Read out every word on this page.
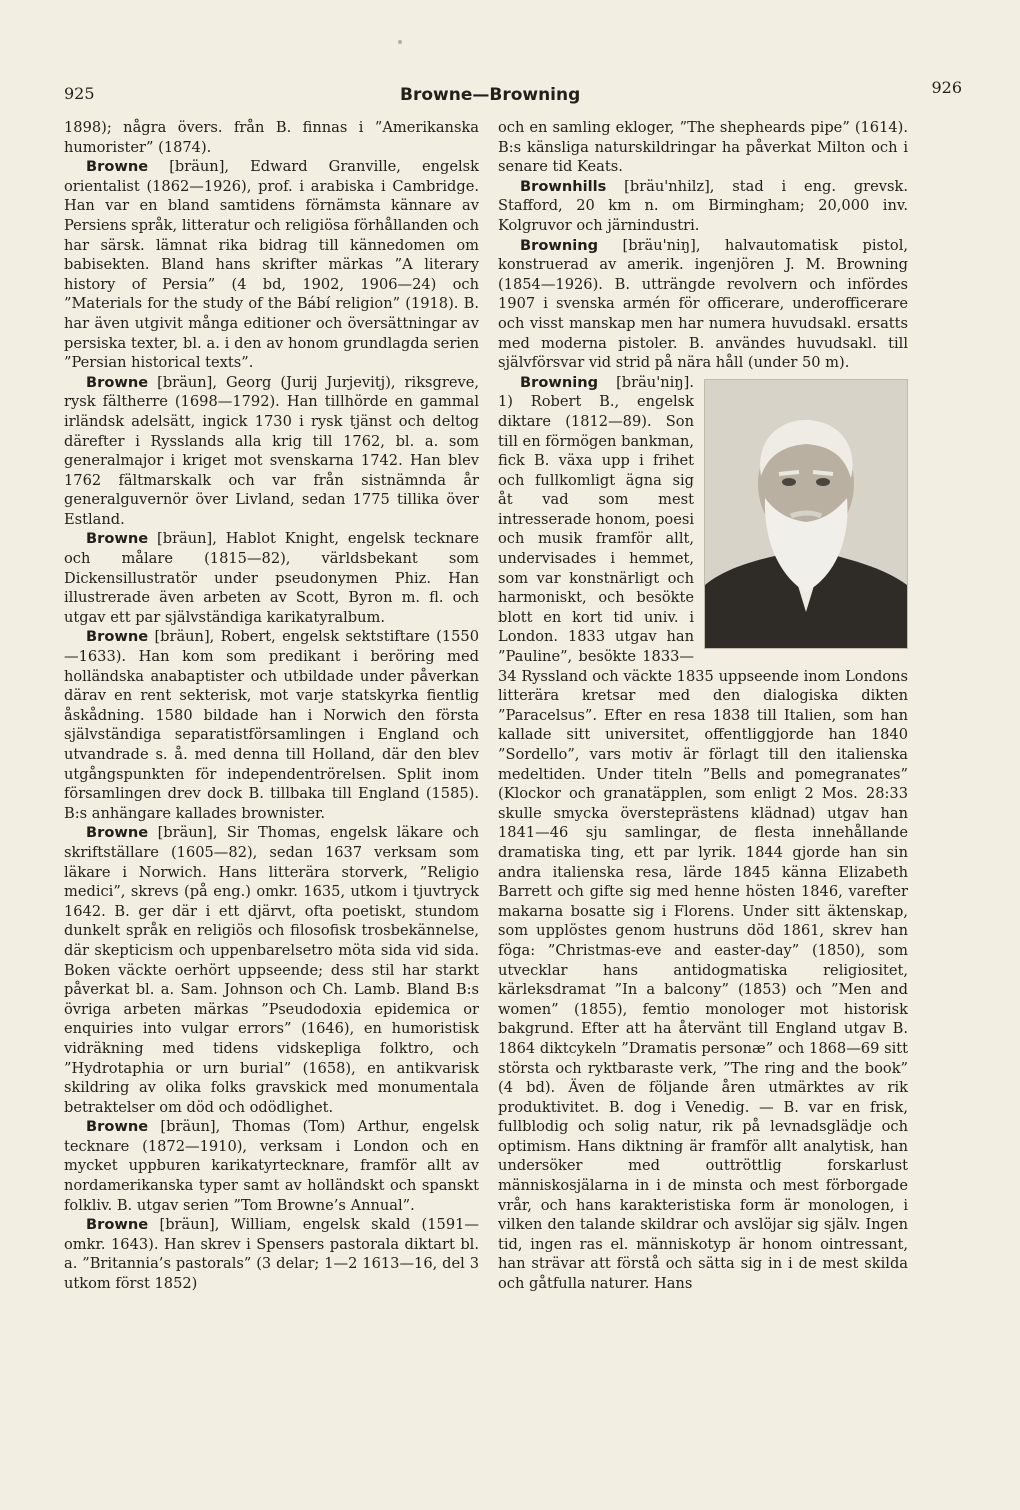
925	Browne—Browning	926

1898); några övers. från B. finnas i ”Amerikanska humorister” (1874).

Browne [bräun], Edward Granville, engelsk orientalist (1862—1926), prof. i arabiska i Cambridge. Han var en bland samtidens förnämsta kännare av Persiens språk, litteratur och religiösa förhållanden och har särsk. lämnat rika bidrag till kännedomen om babisekten. Bland hans skrifter märkas ”A literary history of Persia” (4 bd, 1902, 1906—24) och ”Materials for the study of the Bábí religion” (1918). B. har även utgivit många editioner och översättningar av persiska texter, bl. a. i den av honom grundlagda serien ”Persian historical texts”.

Browne [bräun], Georg (Jurij Jurjevitj), riksgreve, rysk fältherre (1698—1792). Han tillhörde en gammal irländsk adelsätt, ingick 1730 i rysk tjänst och deltog därefter i Rysslands alla krig till 1762, bl. a. som generalmajor i kriget mot svenskarna 1742. Han blev 1762 fältmarskalk och var från sistnämnda år generalguvernör över Livland, sedan 1775 tillika över Estland.

Browne [bräun], Hablot Knight, engelsk tecknare och målare (1815—82), världsbekant som Dickensillustratör under pseudonymen Phiz. Han illustrerade även arbeten av Scott, Byron m. fl. och utgav ett par självständiga karikatyralbum.

Browne [bräun], Robert, engelsk sektstiftare (1550—1633). Han kom som predikant i beröring med holländska anabaptister och utbildade under påverkan därav en rent sekterisk, mot varje statskyrka fientlig åskådning. 1580 bildade han i Norwich den första självständiga separatistförsamlingen i England och utvandrade s. å. med denna till Holland, där den blev utgångspunkten för independentrörelsen. Split inom församlingen drev dock B. tillbaka till England (1585). B:s anhängare kallades brownister.

Browne [bräun], Sir Thomas, engelsk läkare och skriftställare (1605—82), sedan 1637 verksam som läkare i Norwich. Hans litterära storverk, ”Religio medici”, skrevs (på eng.) omkr. 1635, utkom i tjuvtryck 1642. B. ger där i ett djärvt, ofta poetiskt, stundom dunkelt språk en religiös och filosofisk trosbekännelse, där skepticism och uppenbarelsetro möta sida vid sida. Boken väckte oerhört uppseende; dess stil har starkt påverkat bl. a. Sam. Johnson och Ch. Lamb. Bland B:s övriga arbeten märkas ”Pseudodoxia epidemica or enquiries into vulgar errors” (1646), en humoristisk vidräkning med tidens vidskepliga folktro, och ”Hydrotaphia or urn burial” (1658), en antikvarisk skildring av olika folks gravskick med monumentala betraktelser om död och odödlighet.

Browne [bräun], Thomas (Tom) Arthur, engelsk tecknare (1872—1910), verksam i London och en mycket uppburen karikatyrtecknare, framför allt av nordamerikanska typer samt av holländskt och spanskt folkliv. B. utgav serien ”Tom Browne’s Annual”.

Browne [bräun], William, engelsk skald (1591—omkr. 1643). Han skrev i Spensers pastorala diktart bl. a. ”Britannia’s pastorals” (3 delar; 1—2 1613—16, del 3 utkom först 1852)

och en samling ekloger, ”The shepheards pipe” (1614). B:s känsliga naturskildringar ha påverkat Milton och i senare tid Keats.

Brownhills [bräu'nhilz], stad i eng. grevsk. Stafford, 20 km n. om Birmingham; 20,000 inv. Kolgruvor och järnindustri.

Browning [bräu'niŋ], halvautomatisk pistol, konstruerad av amerik. ingenjören J. M. Browning (1854—1926). B. utträngde revolvern och infördes 1907 i svenska armén för officerare, underofficerare och visst manskap men har numera huvudsakl. ersatts med moderna pistoler. B. användes huvudsakl. till självförsvar vid strid på nära håll (under 50 m).

Browning [bräu'niŋ]. 1) Robert B., engelsk diktare (1812—89). Son till en förmögen bankman, fick B. växa upp i frihet och fullkomligt ägna sig åt vad som mest intresserade honom, poesi och musik framför allt, undervisades i hemmet, som var konstnärligt och harmoniskt, och besökte blott en kort tid univ. i London. 1833 utgav han ”Pauline”, besökte 1833—34 Ryssland och väckte 1835 uppseende inom Londons litterära kretsar med den dialogiska dikten ”Paracelsus”. Efter en resa 1838 till Italien, som han kallade sitt universitet, offentliggjorde han 1840 ”Sordello”, vars motiv är förlagt till den italienska medeltiden. Under titeln ”Bells and pomegranates” (Klockor och granatäpplen, som enligt 2 Mos. 28:33 skulle smycka översteprästens klädnad) utgav han 1841—46 sju samlingar, de flesta innehållande dramatiska ting, ett par lyrik. 1844 gjorde han sin andra italienska resa, lärde 1845 känna Elizabeth Barrett och gifte sig med henne hösten 1846, varefter makarna bosatte sig i Florens. Under sitt äktenskap, som upplöstes genom hustruns död 1861, skrev han föga: ”Christmas-eve and easter-day” (1850), som utvecklar hans antidogmatiska religiositet, kärleksdramat ”In a balcony” (1853) och ”Men and women” (1855), femtio monologer mot historisk bakgrund. Efter att ha återvänt till England utgav B. 1864 diktcykeln ”Dramatis personæ” och 1868—69 sitt största och ryktbaraste verk, ”The ring and the book” (4 bd). Även de följande åren utmärktes av rik produktivitet. B. dog i Venedig. — B. var en frisk, fullblodig och solig natur, rik på levnadsglädje och optimism. Hans diktning är framför allt analytisk, han undersöker med outtröttlig forskarlust människosjälarna in i de minsta och mest förborgade vrår, och hans karakteristiska form är monologen, i vilken den talande skildrar och avslöjar sig själv. Ingen tid, ingen ras el. människotyp är honom ointressant, han strävar att förstå och sätta sig in i de mest skilda och gåtfulla naturer. Hans
